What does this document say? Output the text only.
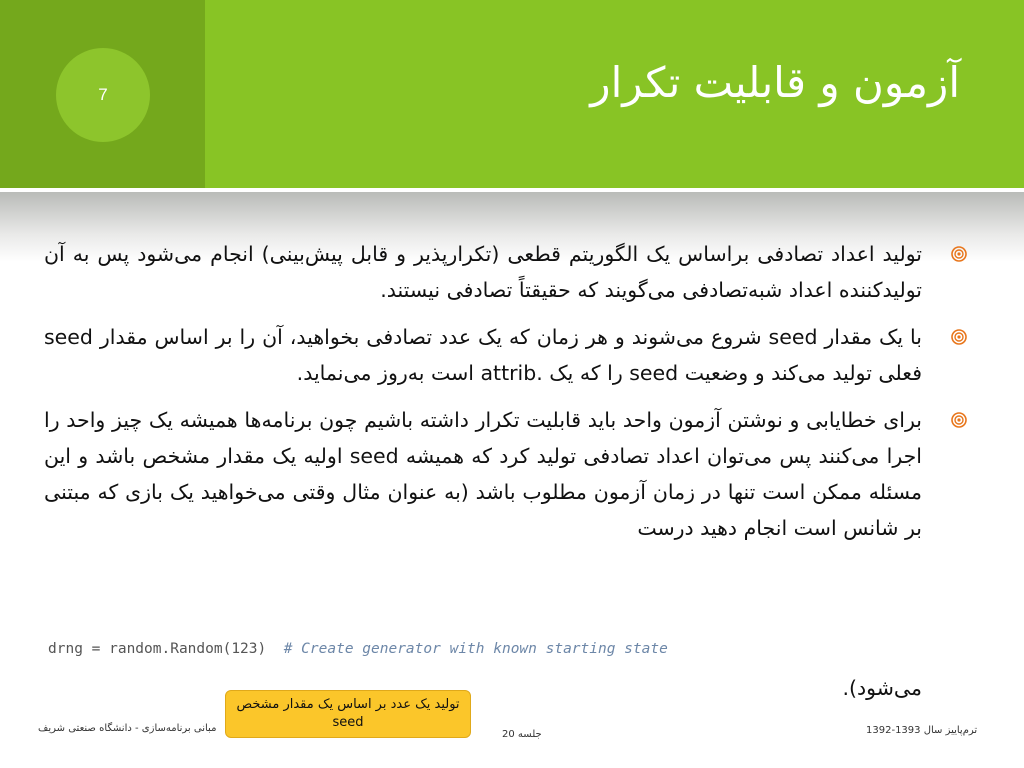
7	آزمون و قابلیت تکرار
تولید اعداد تصادفی براساس یک الگوریتم قطعی (تکرارپذیر و قابل پیش‌بینی) انجام می‌شود پس به آن تولیدکننده اعداد شبه‌تصادفی می‌گویند که حقیقتاً تصادفی نیستند.
با یک مقدار seed شروع می‌شوند و هر زمان که یک عدد تصادفی بخواهید، آن را بر اساس مقدار seed فعلی تولید می‌کند و وضعیت seed را که یک .attrib است به‌روز می‌نماید.
برای خطایابی و نوشتن آزمون واحد باید قابلیت تکرار داشته باشیم چون برنامه‌ها همیشه یک چیز واحد را اجرا می‌کنند پس می‌توان اعداد تصادفی تولید کرد که همیشه seed اولیه یک مقدار مشخص باشد و این مسئله ممکن است تنها در زمان آزمون مطلوب باشد (به عنوان مثال وقتی می‌خواهید یک بازی که مبتنی بر شانس است انجام دهید درست
drng = random.Random(123) # Create generator with known starting state
می‌شود).
تولید یک عدد بر اساس یک مقدار مشخص seed
مبانی برنامه‌سازی - دانشگاه صنعتی شریف
جلسه 20	ترم‌پاییز سال 1393-1392
